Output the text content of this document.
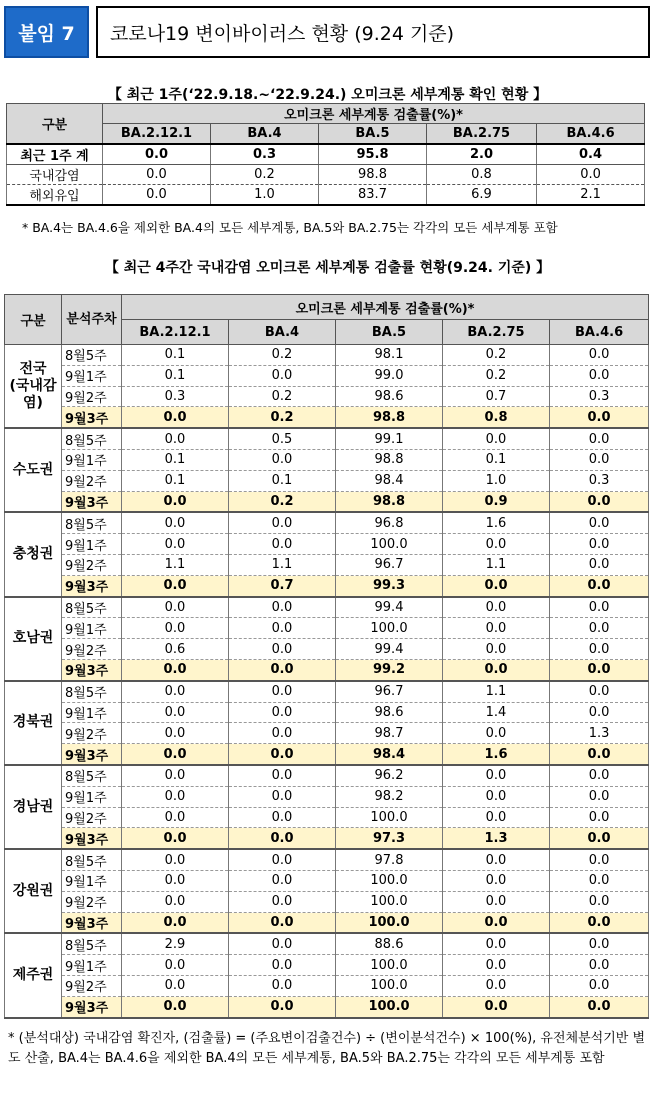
붙임 7	코로나19 변이바이러스 현황 (9.24 기준)
【 최근 1주(‘22.9.18.~‘22.9.24.) 오미크론 세부계통 확인 현황 】
구분	오미크론 세부계통 검출률(%)*				
	BA.2.12.1	BA.4	BA.5	BA.2.75	BA.4.6
최근 1주 계	0.0	0.3	95.8	2.0	0.4
국내감염	0.0	0.2	98.8	0.8	0.0
해외유입	0.0	1.0	83.7	6.9	2.1
* BA.4는 BA.4.6을 제외한 BA.4의 모든 세부계통, BA.5와 BA.2.75는 각각의 모든 세부계통 포함
【 최근 4주간 국내감염 오미크론 세부계통 검출률 현황(9.24. 기준) 】
구분	분석주차	오미크론 세부계통 검출률(%)*				
		BA.2.12.1	BA.4	BA.5	BA.2.75	BA.4.6
전국
(국내감염)	8월5주	0.1	0.2	98.1	0.2	0.0
	9월1주	0.1	0.0	99.0	0.2	0.0
	9월2주	0.3	0.2	98.6	0.7	0.3
	9월3주	0.0	0.2	98.8	0.8	0.0
수도권	8월5주	0.0	0.5	99.1	0.0	0.0
	9월1주	0.1	0.0	98.8	0.1	0.0
	9월2주	0.1	0.1	98.4	1.0	0.3
	9월3주	0.0	0.2	98.8	0.9	0.0
충청권	8월5주	0.0	0.0	96.8	1.6	0.0
	9월1주	0.0	0.0	100.0	0.0	0.0
	9월2주	1.1	1.1	96.7	1.1	0.0
	9월3주	0.0	0.7	99.3	0.0	0.0
호남권	8월5주	0.0	0.0	99.4	0.0	0.0
	9월1주	0.0	0.0	100.0	0.0	0.0
	9월2주	0.6	0.0	99.4	0.0	0.0
	9월3주	0.0	0.0	99.2	0.0	0.0
경북권	8월5주	0.0	0.0	96.7	1.1	0.0
	9월1주	0.0	0.0	98.6	1.4	0.0
	9월2주	0.0	0.0	98.7	0.0	1.3
	9월3주	0.0	0.0	98.4	1.6	0.0
경남권	8월5주	0.0	0.0	96.2	0.0	0.0
	9월1주	0.0	0.0	98.2	0.0	0.0
	9월2주	0.0	0.0	100.0	0.0	0.0
	9월3주	0.0	0.0	97.3	1.3	0.0
강원권	8월5주	0.0	0.0	97.8	0.0	0.0
	9월1주	0.0	0.0	100.0	0.0	0.0
	9월2주	0.0	0.0	100.0	0.0	0.0
	9월3주	0.0	0.0	100.0	0.0	0.0
제주권	8월5주	2.9	0.0	88.6	0.0	0.0
	9월1주	0.0	0.0	100.0	0.0	0.0
	9월2주	0.0	0.0	100.0	0.0	0.0
	9월3주	0.0	0.0	100.0	0.0	0.0
* (분석대상) 국내감염 확진자, (검출률) = (주요변이검출건수) ÷ (변이분석건수) × 100(%), 유전체분석기반 별도 산출, BA.4는 BA.4.6을 제외한 BA.4의 모든 세부계통, BA.5와 BA.2.75는 각각의 모든 세부계통 포함
